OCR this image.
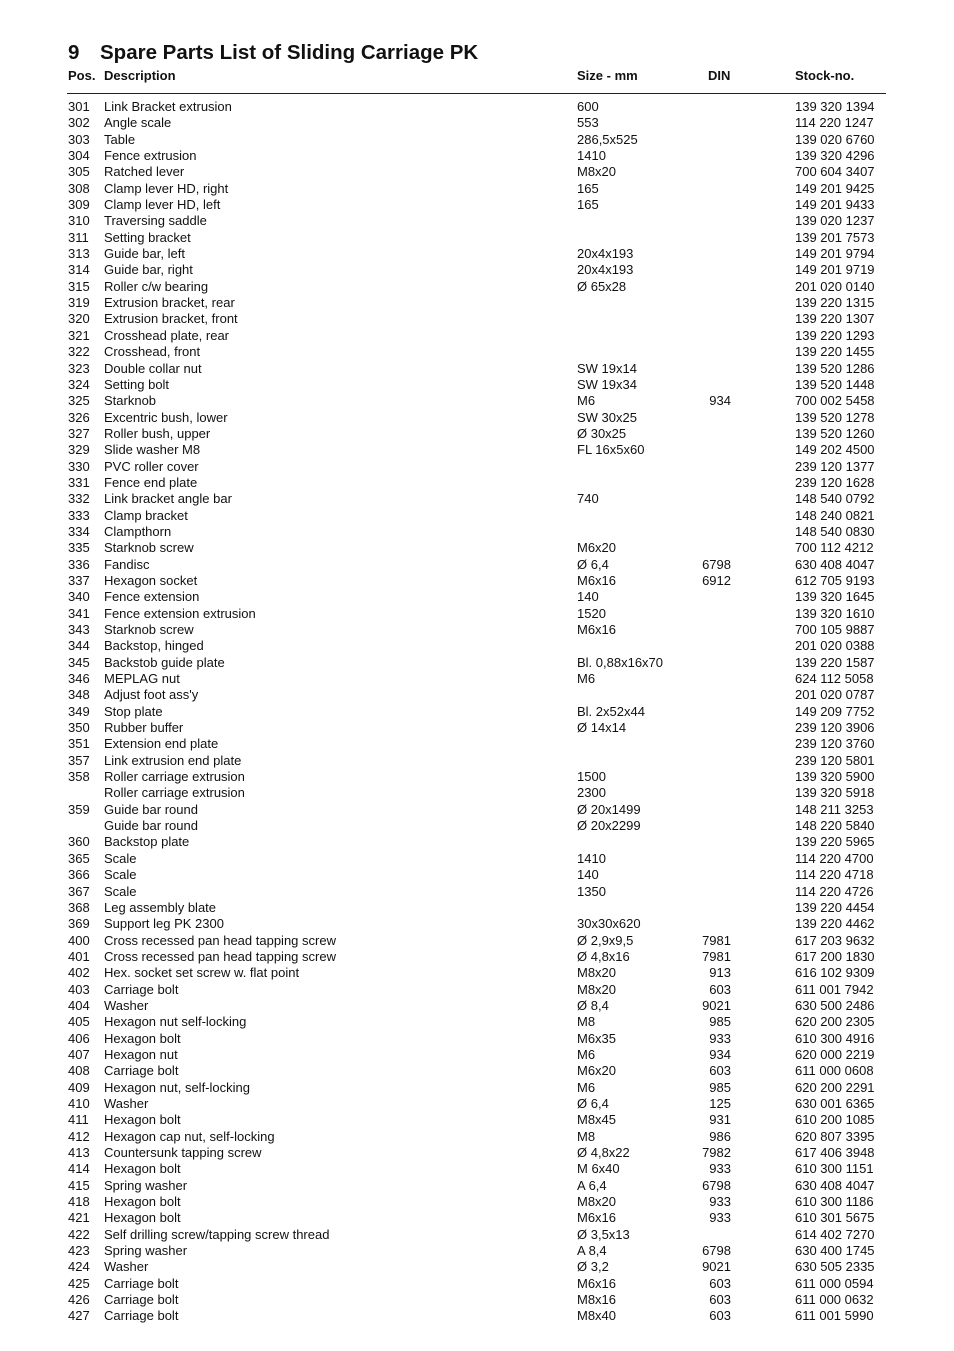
9 Spare Parts List of Sliding Carriage PK
Pos. Description	Size - mm	DIN	Stock-no.
301 Link Bracket extrusion	600	139 320 1394
302 Angle scale	553	114 220 1247
303 Table	286,5x525	139 020 6760
304 Fence extrusion	1410	139 320 4296
305 Ratched lever	M8x20	700 604 3407
308 Clamp lever HD, right	165	149 201 9425
309 Clamp lever HD, left	165	149 201 9433
310 Traversing saddle	139 020 1237
311 Setting bracket	139 201 7573
313 Guide bar, left	20x4x193	149 201 9794
314 Guide bar, right	20x4x193	149 201 9719
315 Roller c/w bearing	Ø 65x28	201 020 0140
319 Extrusion bracket, rear	139 220 1315
320 Extrusion bracket, front	139 220 1307
321 Crosshead plate, rear	139 220 1293
322 Crosshead, front	139 220 1455
323 Double collar nut	SW 19x14	139 520 1286
324 Setting bolt	SW 19x34	139 520 1448
325 Starknob	M6	934	700 002 5458
326 Excentric bush, lower	SW 30x25	139 520 1278
327 Roller bush, upper	Ø 30x25	139 520 1260
329 Slide washer M8	FL 16x5x60	149 202 4500
330 PVC roller cover	239 120 1377
331 Fence end plate	239 120 1628
332 Link bracket angle bar	740	148 540 0792
333 Clamp bracket	148 240 0821
334 Clampthorn	148 540 0830
335 Starknob screw	M6x20	700 112 4212
336 Fandisc	Ø 6,4	6798	630 408 4047
337 Hexagon socket	M6x16	6912	612 705 9193
340 Fence extension	140	139 320 1645
341 Fence extension extrusion	1520	139 320 1610
343 Starknob screw	M6x16	700 105 9887
344 Backstop, hinged	201 020 0388
345 Backstob guide plate	Bl. 0,88x16x70	139 220 1587
346 MEPLAG nut	M6	624 112 5058
348 Adjust foot ass'y	201 020 0787
349 Stop plate	Bl. 2x52x44	149 209 7752
350 Rubber buffer	Ø 14x14	239 120 3906
351 Extension end plate	239 120 3760
357 Link extrusion end plate	239 120 5801
358 Roller carriage extrusion	1500	139 320 5900
Roller carriage extrusion	2300	139 320 5918
359 Guide bar round	Ø 20x1499	148 211 3253
Guide bar round	Ø 20x2299	148 220 5840
360 Backstop plate	139 220 5965
365 Scale	1410	114 220 4700
366 Scale	140	114 220 4718
367 Scale	1350	114 220 4726
368 Leg assembly blate	139 220 4454
369 Support leg PK 2300	30x30x620	139 220 4462
400 Cross recessed pan head tapping screw	Ø 2,9x9,5	7981	617 203 9632
401 Cross recessed pan head tapping screw	Ø 4,8x16	7981	617 200 1830
402 Hex. socket set screw w. flat point	M8x20	913	616 102 9309
403 Carriage bolt	M8x20	603	611 001 7942
404 Washer	Ø 8,4	9021	630 500 2486
405 Hexagon nut self-locking	M8	985	620 200 2305
406 Hexagon bolt	M6x35	933	610 300 4916
407 Hexagon nut	M6	934	620 000 2219
408 Carriage bolt	M6x20	603	611 000 0608
409 Hexagon nut, self-locking	M6	985	620 200 2291
410 Washer	Ø 6,4	125	630 001 6365
411 Hexagon bolt	M8x45	931	610 200 1085
412 Hexagon cap nut, self-locking	M8	986	620 807 3395
413 Countersunk tapping screw	Ø 4,8x22	7982	617 406 3948
414 Hexagon bolt	M 6x40	933	610 300 1151
415 Spring washer	A 6,4	6798	630 408 4047
418 Hexagon bolt	M8x20	933	610 300 1186
421 Hexagon bolt	M6x16	933	610 301 5675
422 Self drilling screw/tapping screw thread	Ø 3,5x13	614 402 7270
423 Spring washer	A 8,4	6798	630 400 1745
424 Washer	Ø 3,2	9021	630 505 2335
425 Carriage bolt	M6x16	603	611 000 0594
426 Carriage bolt	M8x16	603	611 000 0632
427 Carriage bolt	M8x40	603	611 001 5990
